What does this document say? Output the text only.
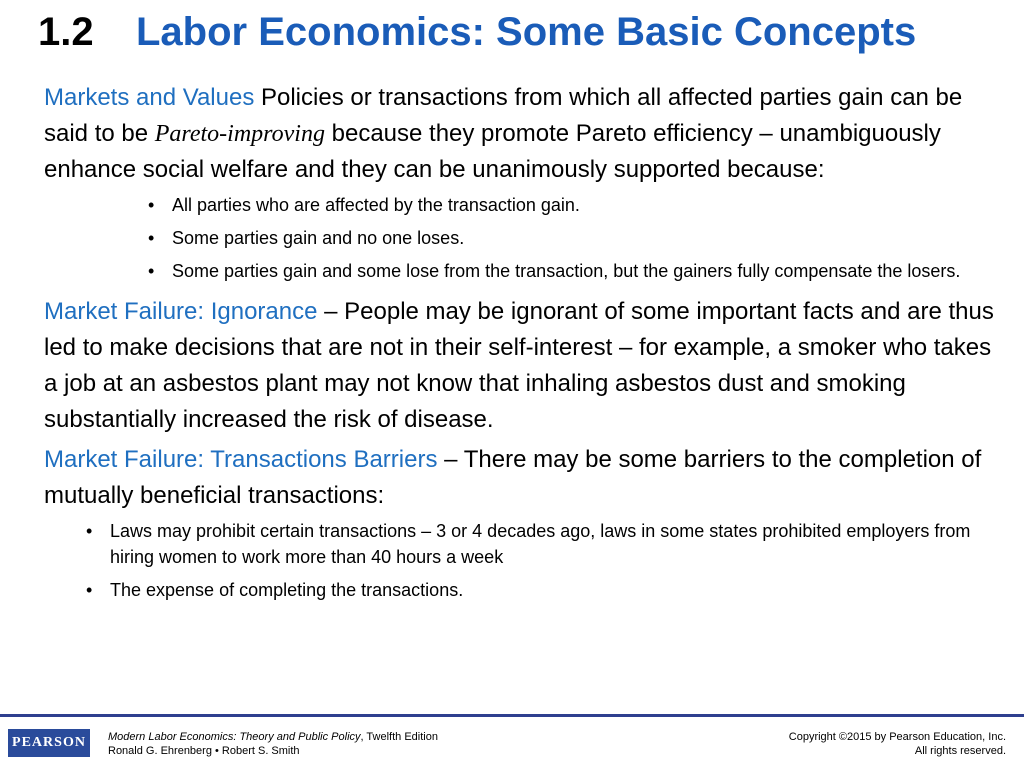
1.2 Labor Economics: Some Basic Concepts

Markets and Values Policies or transactions from which all affected parties gain can be said to be Pareto-improving because they promote Pareto efficiency – unambiguously enhance social welfare and they can be unanimously supported because:

• All parties who are affected by the transaction gain.
• Some parties gain and no one loses.
• Some parties gain and some lose from the transaction, but the gainers fully compensate the losers.

Market Failure: Ignorance – People may be ignorant of some important facts and are thus led to make decisions that are not in their self-interest – for example, a smoker who takes a job at an asbestos plant may not know that inhaling asbestos dust and smoking substantially increased the risk of disease.

Market Failure: Transactions Barriers – There may be some barriers to the completion of mutually beneficial transactions:

• Laws may prohibit certain transactions – 3 or 4 decades ago, laws in some states prohibited employers from hiring women to work more than 40 hours a week
• The expense of completing the transactions.
PEARSON Modern Labor Economics: Theory and Public Policy, Twelfth Edition
Ronald G. Ehrenberg • Robert S. Smith
Copyright ©2015 by Pearson Education, Inc.
All rights reserved.
